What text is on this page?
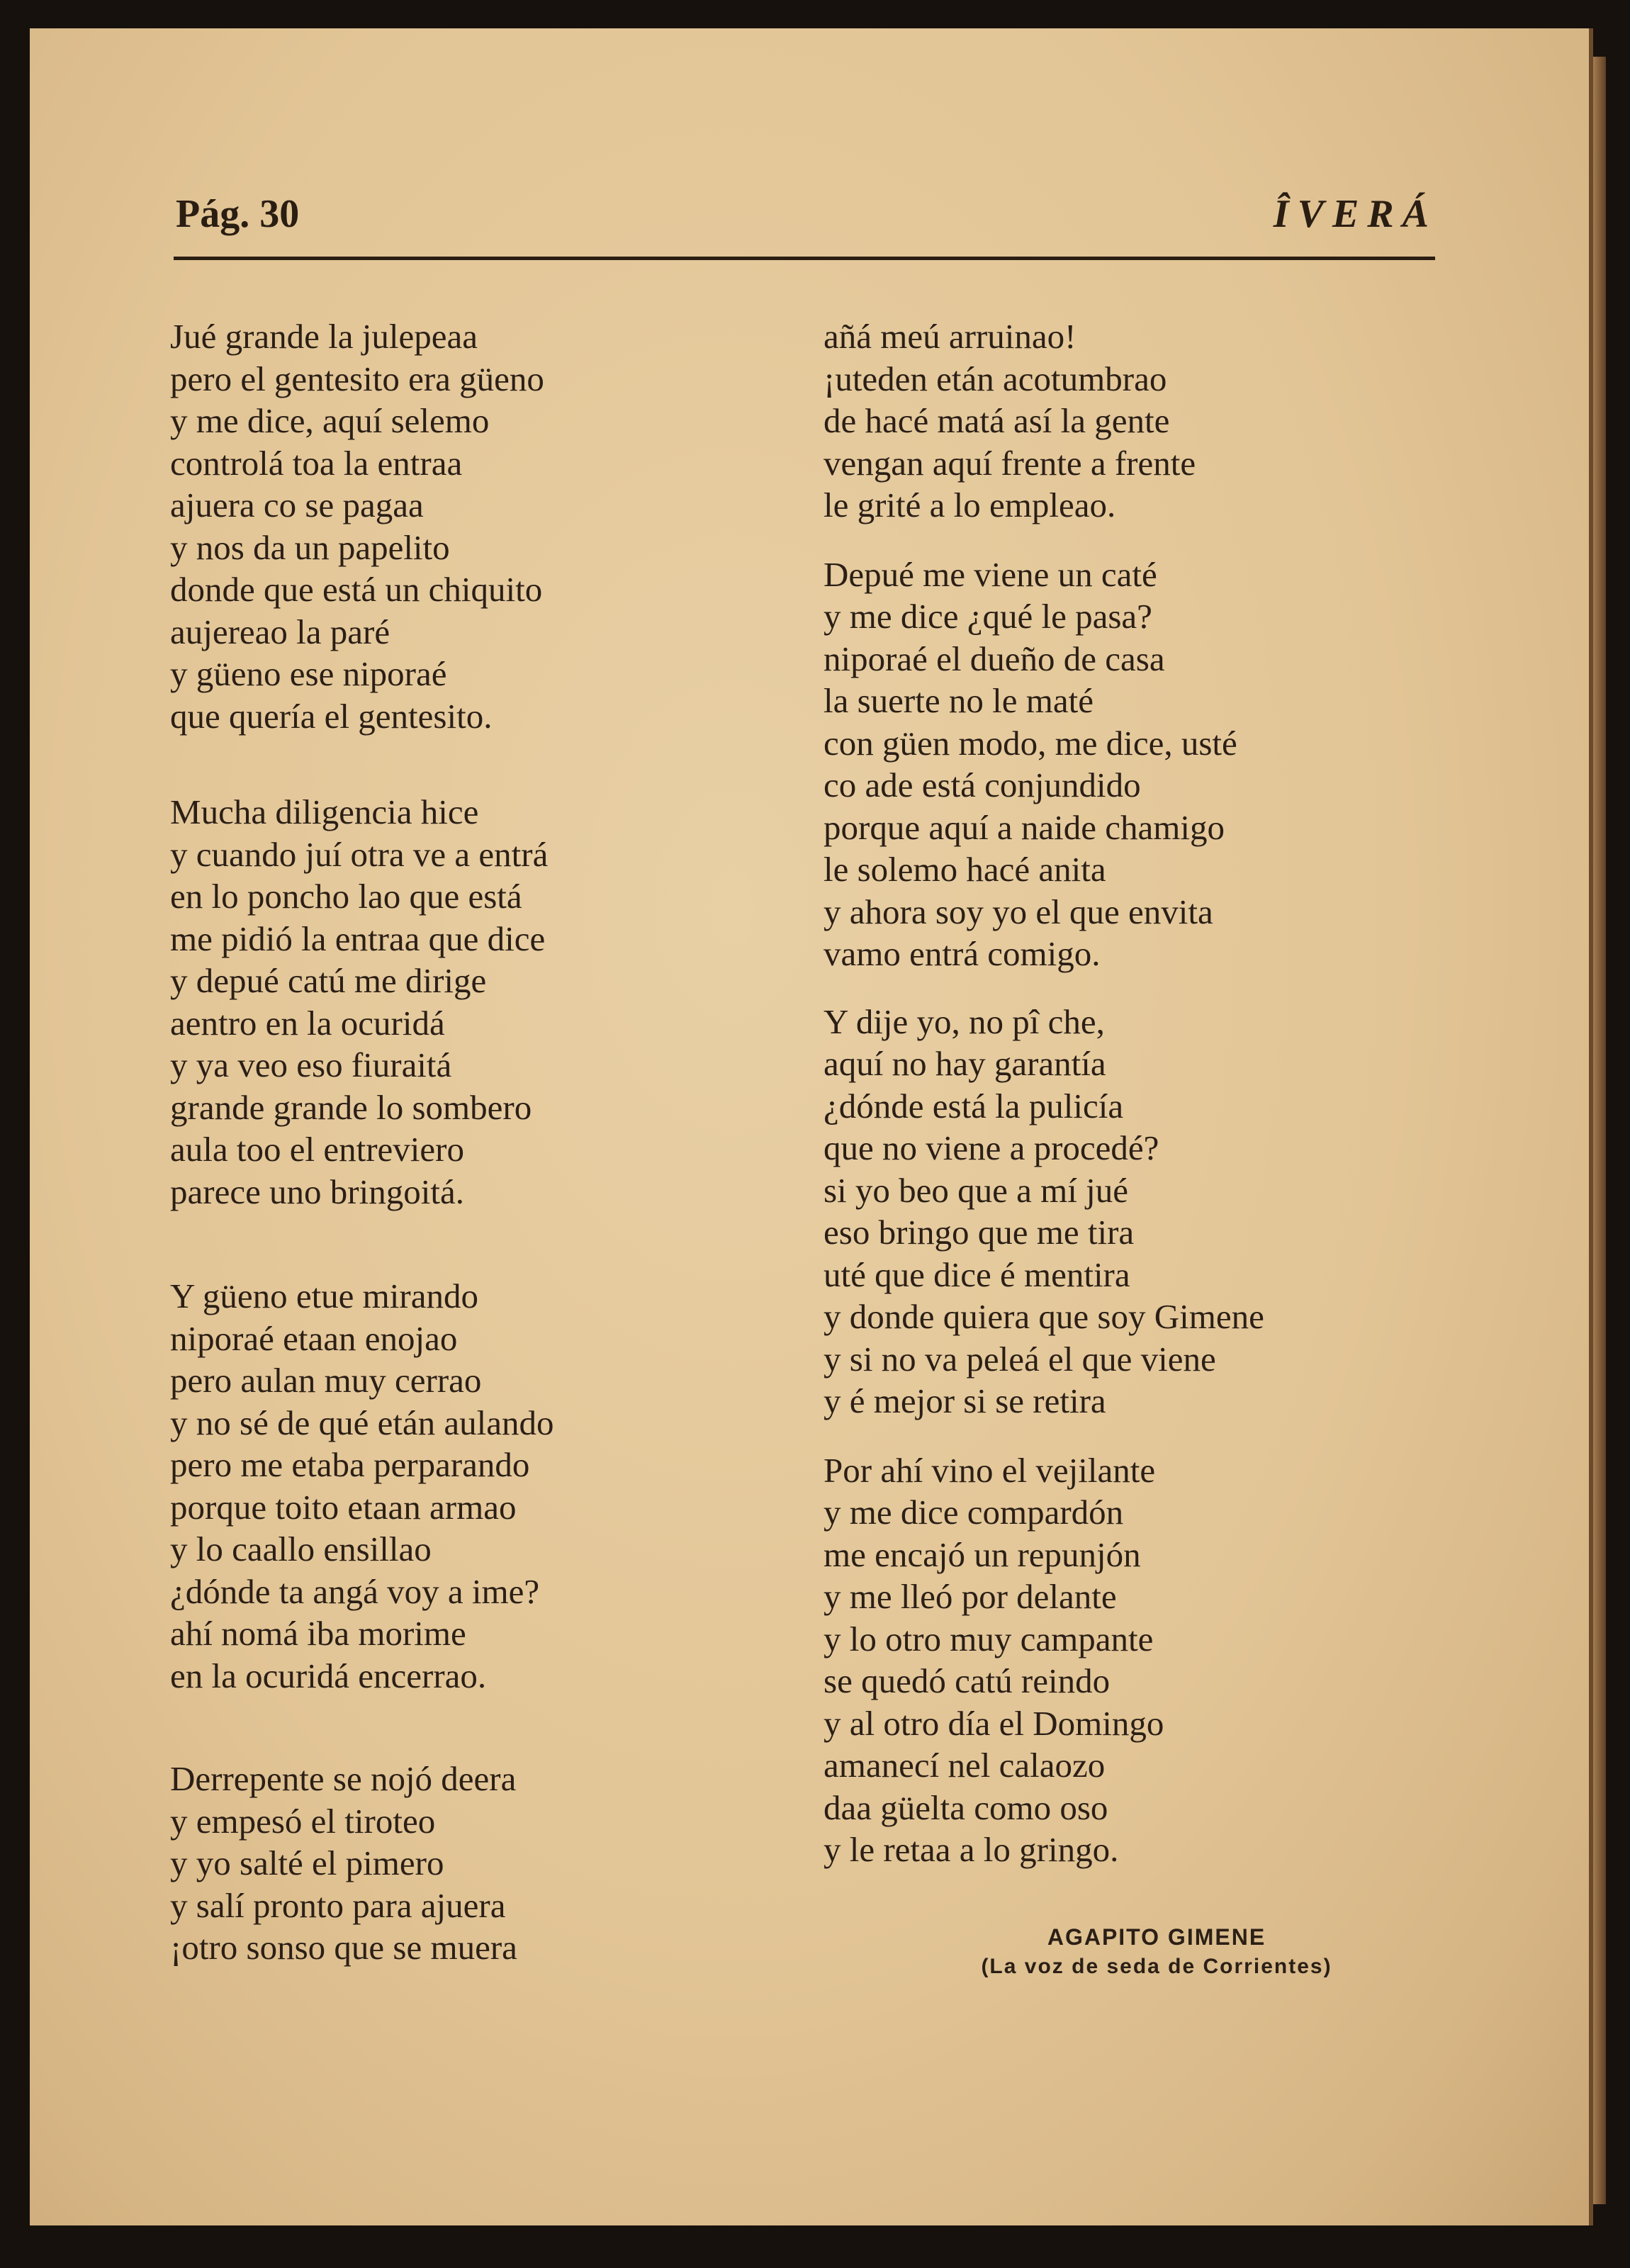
Pág. 30	ÎVERÁ
Jué grande la julepeaa
pero el gentesito era güeno
y me dice, aquí selemo
controlá toa la entraa
ajuera co se pagaa
y nos da un papelito
donde que está un chiquito
aujereao la paré
y güeno ese niporaé
que quería el gentesito.
Mucha diligencia hice
y cuando juí otra ve a entrá
en lo poncho lao que está
me pidió la entraa que dice
y depué catú me dirige
aentro en la ocuridá
y ya veo eso fiuraitá
grande grande lo sombero
aula too el entreviero
parece uno bringoitá.
Y güeno etue mirando
niporaé etaan enojao
pero aulan muy cerrao
y no sé de qué etán aulando
pero me etaba perparando
porque toito etaan armao
y lo caallo ensillao
¿dónde ta angá voy a ime?
ahí nomá iba morime
en la ocuridá encerrao.
Derrepente se nojó deera
y empesó el tiroteo
y yo salté el pimero
y salí pronto para ajuera
¡otro sonso que se muera
añá meú arruinao!
¡uteden etán acotumbrao
de hacé matá así la gente
vengan aquí frente a frente
le grité a lo empleao.
Depué me viene un caté
y me dice ¿qué le pasa?
niporaé el dueño de casa
la suerte no le maté
con güen modo, me dice, usté
co ade está conjundido
porque aquí a naide chamigo
le solemo hacé anita
y ahora soy yo el que envita
vamo entrá comigo.
Y dije yo, no pî che,
aquí no hay garantía
¿dónde está la pulicía
que no viene a procedé?
si yo beo que a mí jué
eso bringo que me tira
uté que dice é mentira
y donde quiera que soy Gimene
y si no va peleá el que viene
y é mejor si se retira
Por ahí vino el vejilante
y me dice compardón
me encajó un repunjón
y me lleó por delante
y lo otro muy campante
se quedó catú reindo
y al otro día el Domingo
amanecí nel calaozo
daa güelta como oso
y le retaa a lo gringo.
AGAPITO GIMENE
(La voz de seda de Corrientes)
